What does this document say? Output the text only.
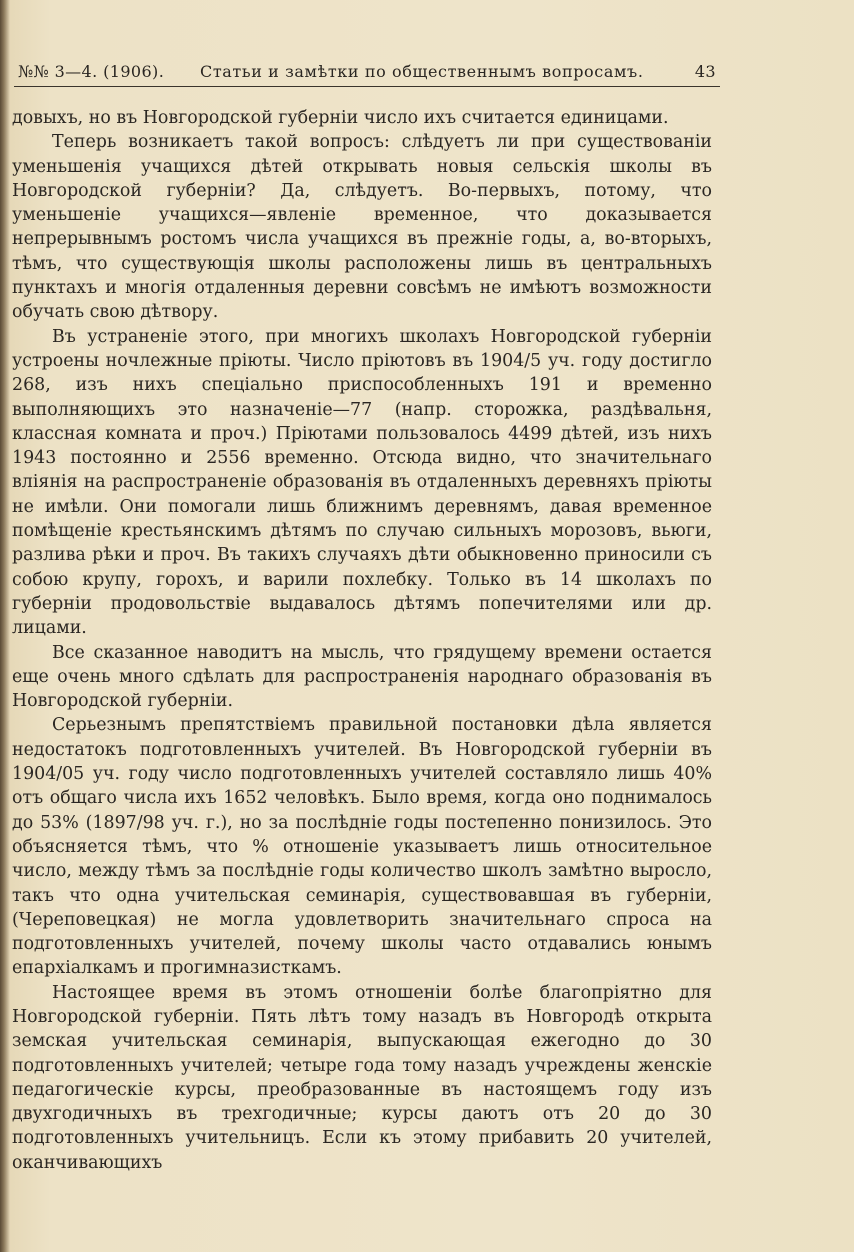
№№ 3—4. (1906). Статьи и замѣтки по общественнымъ вопросамъ.	43

довыхъ, но въ Новгородской губерніи число ихъ считается единицами.

Теперь возникаетъ такой вопросъ: слѣдуетъ ли при существованіи уменьшенія учащихся дѣтей открывать новыя сельскія школы въ Новгородской губерніи? Да, слѣдуетъ. Во-первыхъ, потому, что уменьшеніе учащихся—явленіе временное, что доказывается непрерывнымъ ростомъ числа учащихся въ прежніе годы, а, во-вторыхъ, тѣмъ, что существующія школы расположены лишь въ центральныхъ пунктахъ и многія отдаленныя деревни совсѣмъ не имѣютъ возможности обучать свою дѣтвору.

Въ устраненіе этого, при многихъ школахъ Новгородской губерніи устроены ночлежные пріюты. Число пріютовъ въ 1904/5 уч. году достигло 268, изъ нихъ спеціально приспособленныхъ 191 и временно выполняющихъ это назначеніе—77 (напр. сторожка, раздѣвальня, классная комната и проч.) Пріютами пользовалось 4499 дѣтей, изъ нихъ 1943 постоянно и 2556 временно. Отсюда видно, что значительнаго вліянія на распространеніе образованія въ отдаленныхъ деревняхъ пріюты не имѣли. Они помогали лишь ближнимъ деревнямъ, давая временное помѣщеніе крестьянскимъ дѣтямъ по случаю сильныхъ морозовъ, вьюги, разлива рѣки и проч. Въ такихъ случаяхъ дѣти обыкновенно приносили съ собою крупу, горохъ, и варили похлебку. Только въ 14 школахъ по губерніи продовольствіе выдавалось дѣтямъ попечителями или др. лицами.

Все сказанное наводитъ на мысль, что грядущему времени остается еще очень много сдѣлать для распространенія народнаго образованія въ Новгородской губерніи.

Серьезнымъ препятствіемъ правильной постановки дѣла является недостатокъ подготовленныхъ учителей. Въ Новгородской губерніи въ 1904/05 уч. году число подготовленныхъ учителей составляло лишь 40% отъ общаго числа ихъ 1652 человѣкъ. Было время, когда оно поднималось до 53% (1897/98 уч. г.), но за послѣдніе годы постепенно понизилось. Это объясняется тѣмъ, что % отношеніе указываетъ лишь относительное число, между тѣмъ за послѣдніе годы количество школъ замѣтно выросло, такъ что одна учительская семинарія, существовавшая въ губерніи, (Череповецкая) не могла удовлетворить значительнаго спроса на подготовленныхъ учителей, почему школы часто отдавались юнымъ епархіалкамъ и прогимназисткамъ.

Настоящее время въ этомъ отношеніи болѣе благопріятно для Новгородской губерніи. Пять лѣтъ тому назадъ въ Новгородѣ открыта земская учительская семинарія, выпускающая ежегодно до 30 подготовленныхъ учителей; четыре года тому назадъ учреждены женскіе педагогическіе курсы, преобразованные въ настоящемъ году изъ двухгодичныхъ въ трехгодичные; курсы даютъ отъ 20 до 30 подготовленныхъ учительницъ. Если къ этому прибавить 20 учителей, оканчивающихъ
